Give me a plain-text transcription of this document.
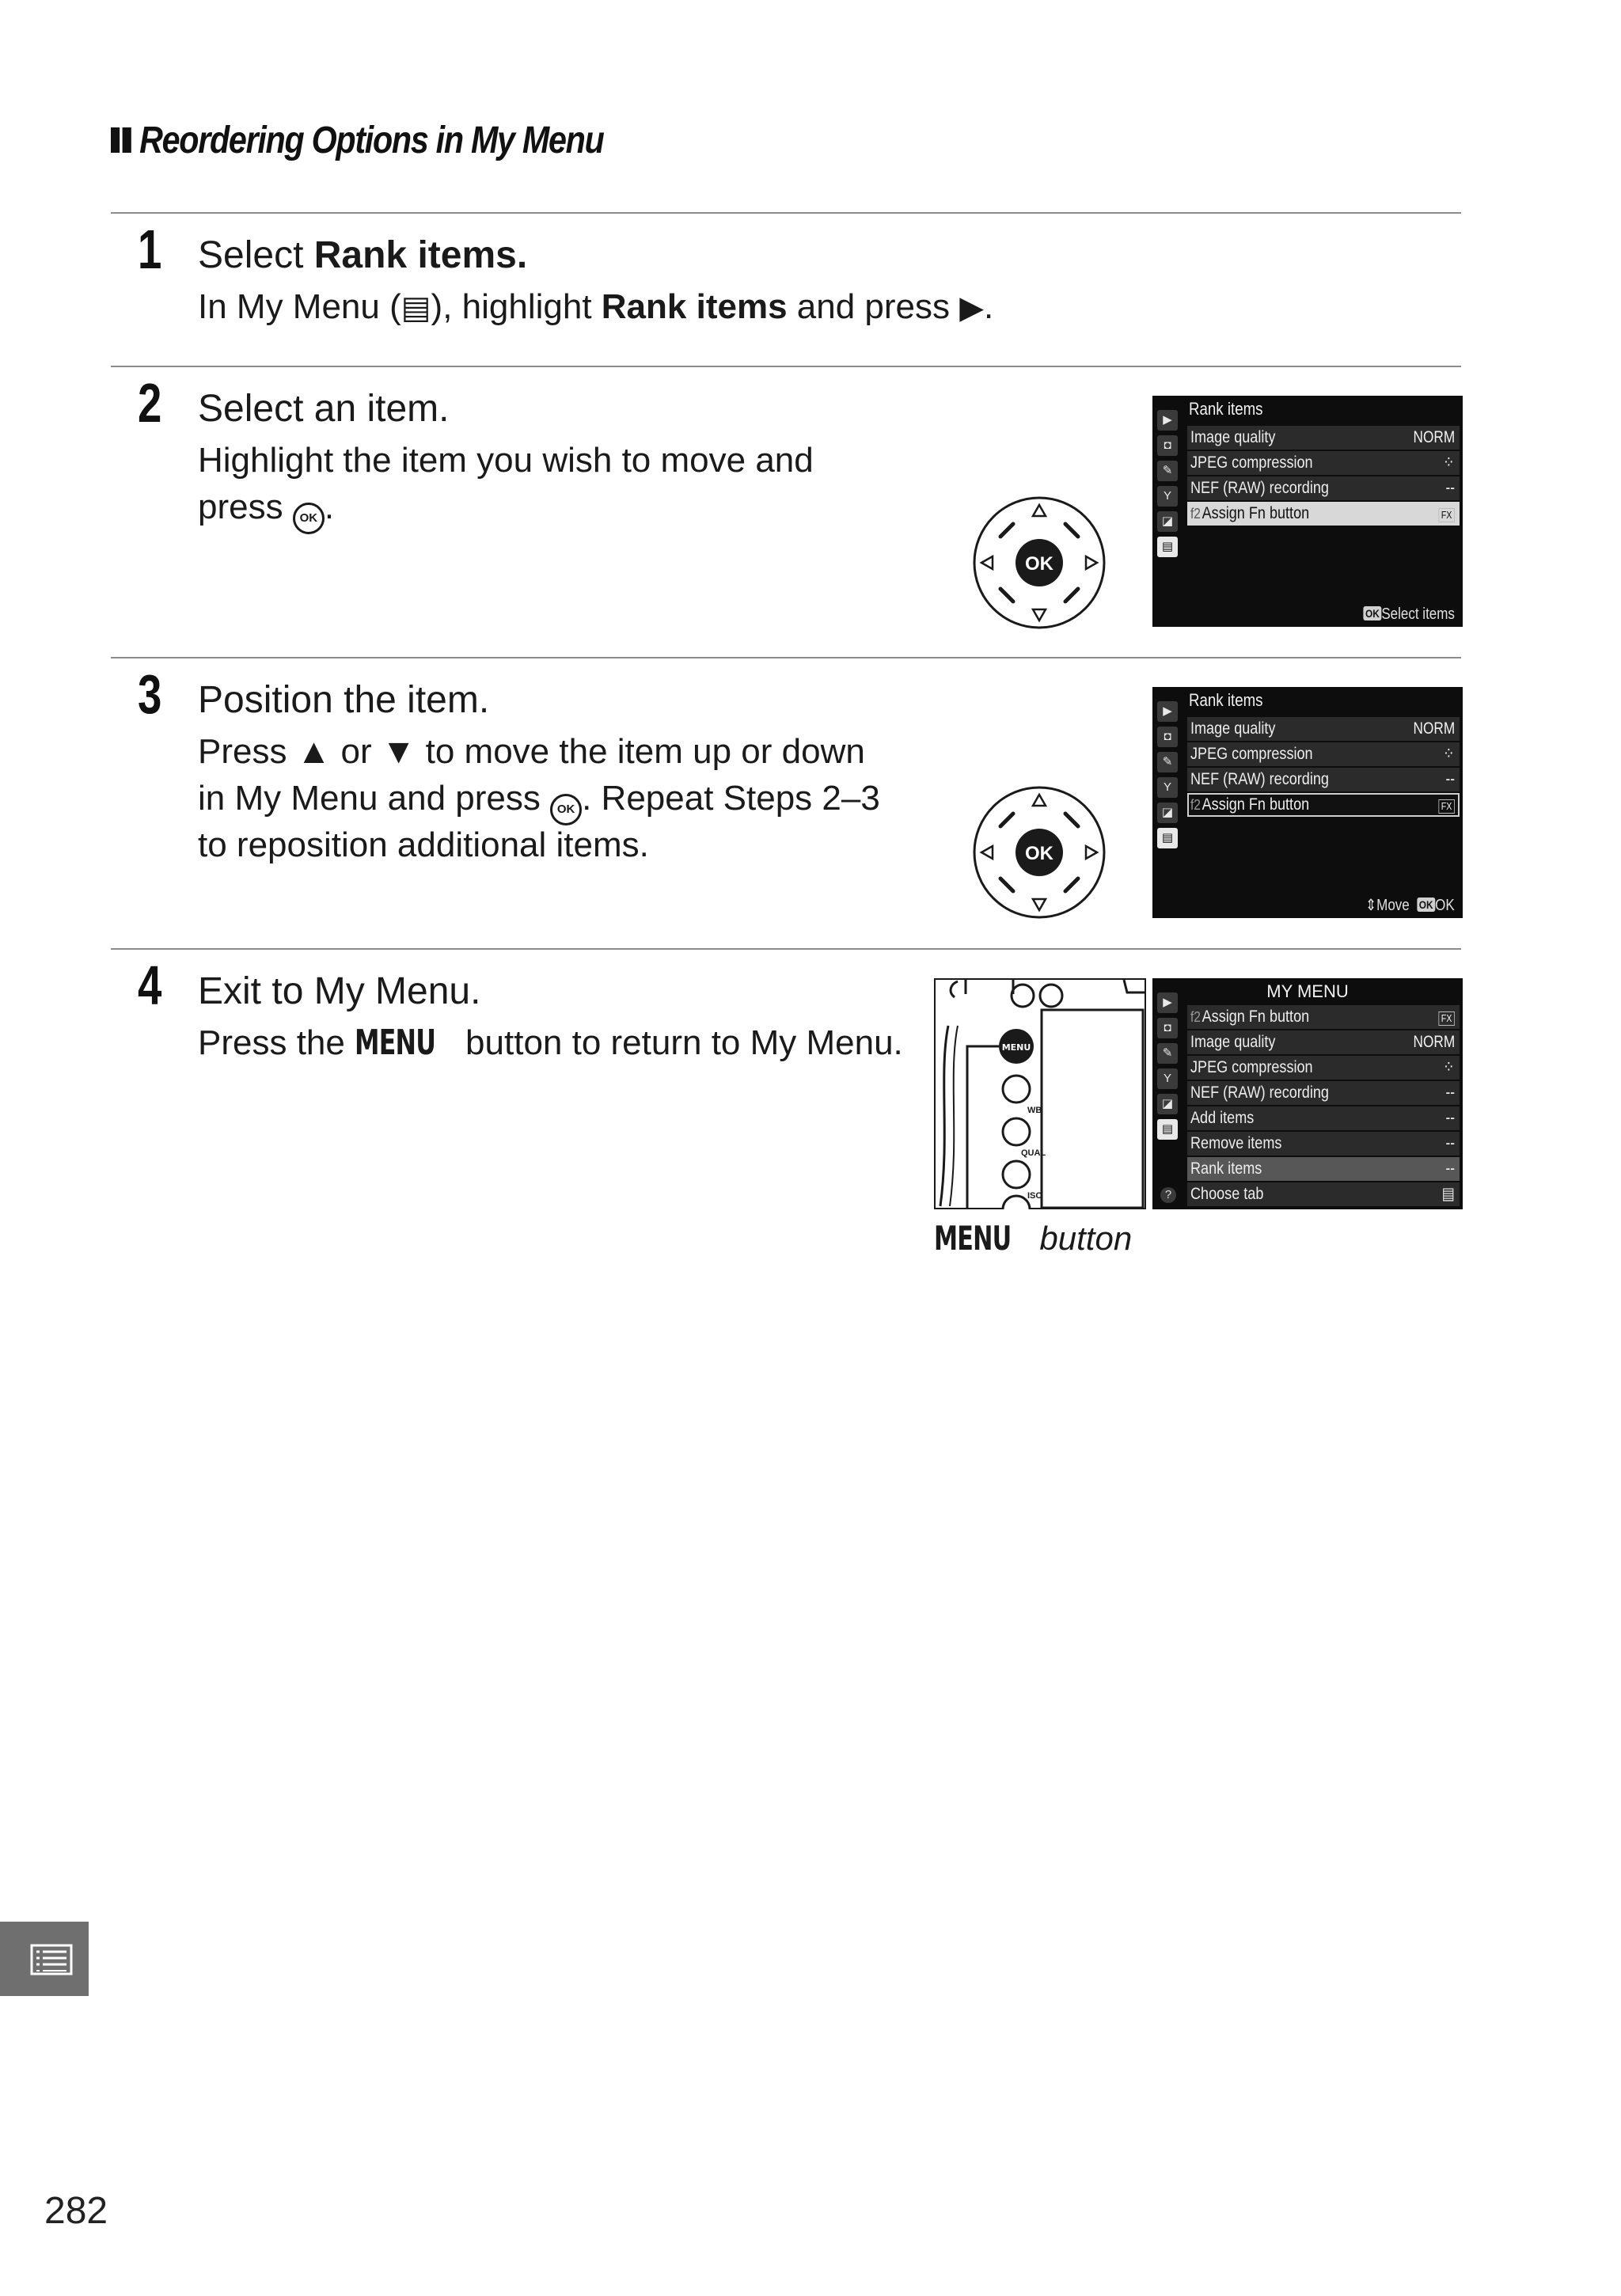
Reordering Options in My Menu
1 Select Rank items.
In My Menu (▤), highlight Rank items and press ▶.
2 Select an item.
Highlight the item you wish to move and
press OK .
3 Position the item.
Press ▲ or ▼ to move the item up or down
in My Menu and press OK . Repeat Steps 2–3
to reposition additional items.
4 Exit to My Menu.
Press the MENU button to return to My Menu.
OK
OK
▶
◘
✎
Y
◪
▤
Rank items
Image quality	NORM
JPEG compression	⁘
NEF (RAW) recording	--
f2Assign Fn button	FX
OK Select items
▶
◘
✎
Y
◪
▤
Rank items
Image quality	NORM
JPEG compression	⁘
NEF (RAW) recording	--
f2Assign Fn button	FX
⇕Move OK OK
MENU
WB
QUAL
ISO
MENU button
▶
◘
✎
Y
◪
▤
MY MENU
f2Assign Fn button	FX
Image quality	NORM
JPEG compression	⁘
NEF (RAW) recording	--
Add items	--
Remove items	--
Rank items	--
Choose tab	▤
?
282
